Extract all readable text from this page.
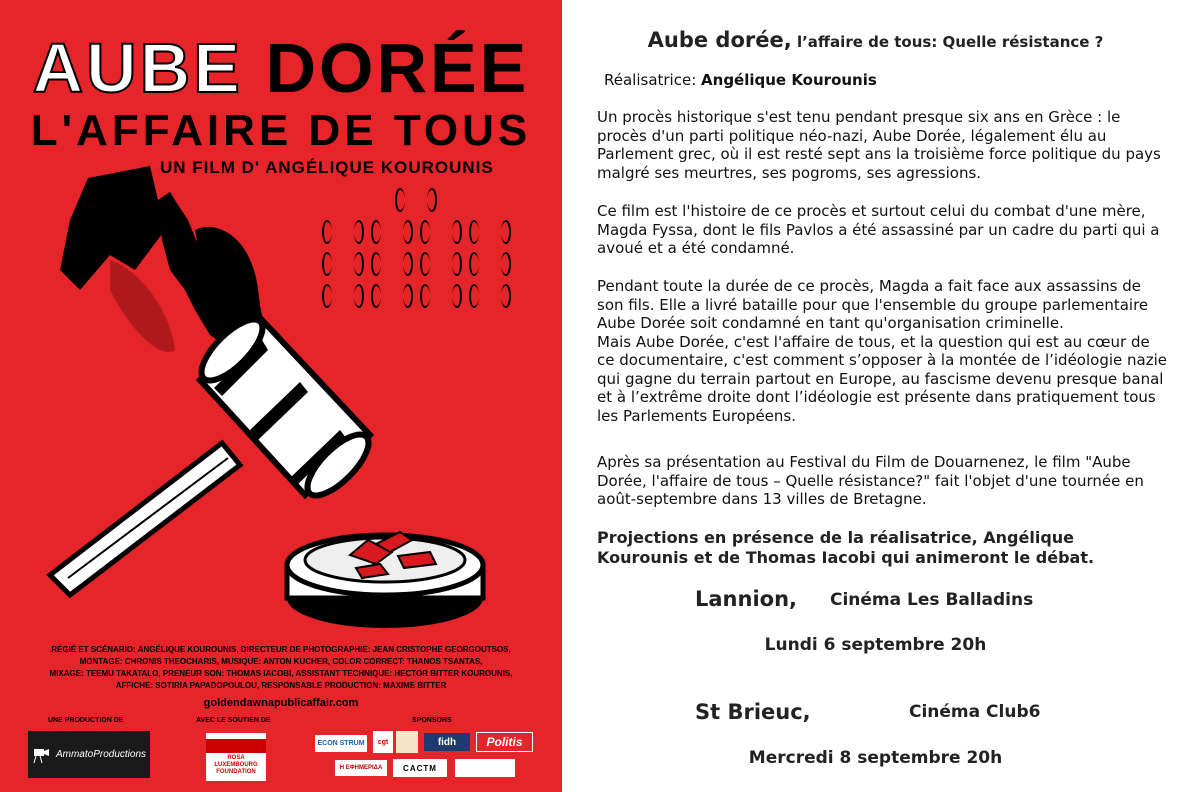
AUBE DORÉE
L'AFFAIRE DE TOUS
UN FILM D' ANGÉLIQUE KOUROUNIS
RÉGIÉ ET SCÉNARIO: ANGÉLIQUE KOUROUNIS, DIRECTEUR DE PHOTOGRAPHIE: JEAN CRISTOPHE GEORGOUTSOS,
MONTAGE: CHRONIS THEOCHARIS, MUSIQUE: ANTON KUCHER, COLOR CORRECT: THANOS TSANTAS,
MIXAGE: TEEMU TAKATALO, PRENEUR SON: THOMAS IACOBI, ASSISTANT TECHNIQUE: HECTOR BITTER KOUROUNIS,
AFFICHE: SOTIRIA PAPADOPOULOU, RESPONSABLE PRODUCTION: MAXIME BITTER
goldendawnapublicaffair.com
UNE PRODUCTION DE	AVEC LE SOUTIEN DE	SPONSORS
AmmatoProductions	ROSA LUXEMBOURG FOUNDATION
ECON STRUM	cgt	fidh	Politis
Η ΕΦΗΜΕΡΙΔΑ	CACTM
Aube dorée, l’affaire de tous: Quelle résistance ?
Réalisatrice: Angélique Kourounis

Un procès historique s'est tenu pendant presque six ans en Grèce : le procès d'un parti politique néo-nazi, Aube Dorée, légalement élu au Parlement grec, où il est resté sept ans la troisième force politique du pays malgré ses meurtres, ses pogroms, ses agressions.

Ce film est l'histoire de ce procès et surtout celui du combat d'une mère, Magda Fyssa, dont le fils Pavlos a été assassiné par un cadre du parti qui a avoué et a été condamné.

Pendant toute la durée de ce procès, Magda a fait face aux assassins de son fils. Elle a livré bataille pour que l'ensemble du groupe parlementaire Aube Dorée soit condamné en tant qu'organisation criminelle.
Mais Aube Dorée, c'est l'affaire de tous, et la question qui est au cœur de ce documentaire, c'est comment s’opposer à la montée de l’idéologie nazie qui gagne du terrain partout en Europe, au fascisme devenu presque banal et à l’extrême droite dont l’idéologie est présente dans pratiquement tous les Parlements Européens.

Après sa présentation au Festival du Film de Douarnenez, le film "Aube Dorée, l'affaire de tous – Quelle résistance?" fait l'objet d'une tournée en août-septembre dans 13 villes de Bretagne.

Projections en présence de la réalisatrice, Angélique Kourounis et de Thomas Iacobi qui animeront le débat.

Lannion, Cinéma Les Balladins
Lundi 6 septembre 20h
St Brieuc,	Cinéma Club6
Mercredi 8 septembre 20h
